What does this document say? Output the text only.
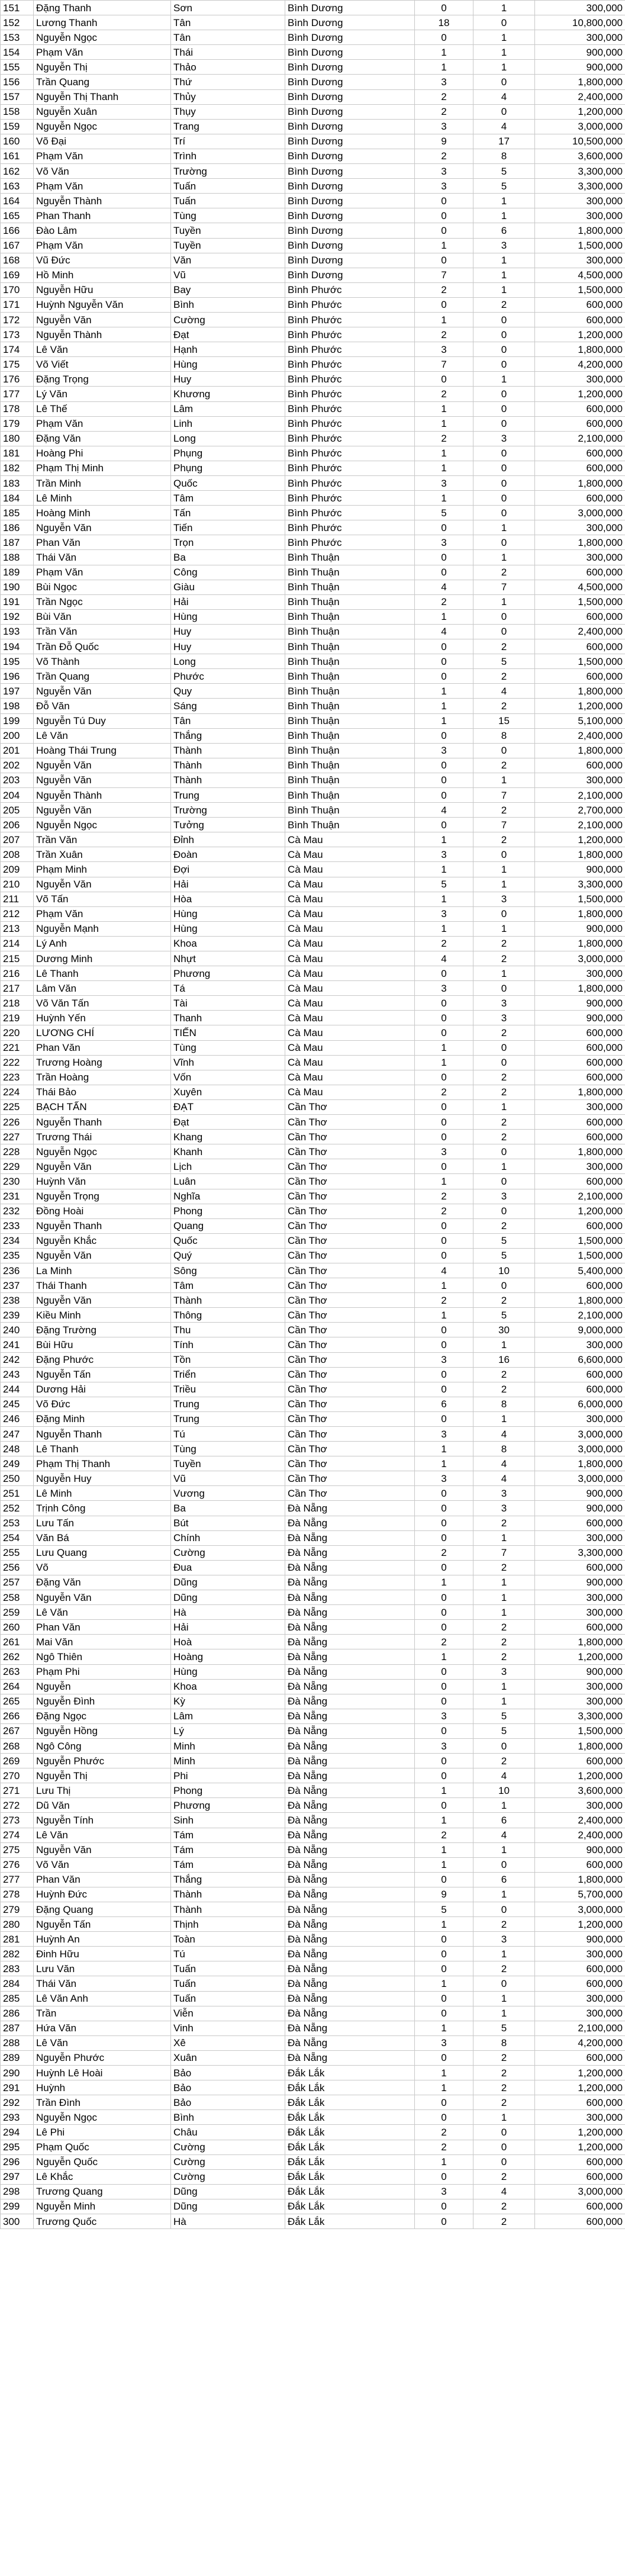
151	Đặng Thanh	Sơn	Bình Dương	0	1	300,000
152	Lương Thanh	Tân	Bình Dương	18	0	10,800,000
153	Nguyễn Ngọc	Tân	Bình Dương	0	1	300,000
154	Phạm Văn	Thái	Bình Dương	1	1	900,000
155	Nguyễn Thị	Thảo	Bình Dương	1	1	900,000
156	Trần Quang	Thứ	Bình Dương	3	0	1,800,000
157	Nguyễn Thị Thanh	Thủy	Bình Dương	2	4	2,400,000
158	Nguyễn Xuân	Thụy	Bình Dương	2	0	1,200,000
159	Nguyễn Ngọc	Trang	Bình Dương	3	4	3,000,000
160	Võ Đại	Trí	Bình Dương	9	17	10,500,000
161	Phạm Văn	Trình	Bình Dương	2	8	3,600,000
162	Võ Văn	Trường	Bình Dương	3	5	3,300,000
163	Phạm Văn	Tuấn	Bình Dương	3	5	3,300,000
164	Nguyễn Thành	Tuấn	Bình Dương	0	1	300,000
165	Phan Thanh	Tùng	Bình Dương	0	1	300,000
166	Đào Lâm	Tuyền	Bình Dương	0	6	1,800,000
167	Phạm Văn	Tuyền	Bình Dương	1	3	1,500,000
168	Vũ Đức	Văn	Bình Dương	0	1	300,000
169	Hồ Minh	Vũ	Bình Dương	7	1	4,500,000
170	Nguyễn Hữu	Bay	Bình Phước	2	1	1,500,000
171	Huỳnh Nguyễn Văn	Bình	Bình Phước	0	2	600,000
172	Nguyễn Văn	Cường	Bình Phước	1	0	600,000
173	Nguyễn Thành	Đạt	Bình Phước	2	0	1,200,000
174	Lê Văn	Hạnh	Bình Phước	3	0	1,800,000
175	Võ Viết	Hùng	Bình Phước	7	0	4,200,000
176	Đặng Trọng	Huy	Bình Phước	0	1	300,000
177	Lý Văn	Khương	Bình Phước	2	0	1,200,000
178	Lê Thế	Lâm	Bình Phước	1	0	600,000
179	Phạm Văn	Linh	Bình Phước	1	0	600,000
180	Đặng Văn	Long	Bình Phước	2	3	2,100,000
181	Hoàng Phi	Phụng	Bình Phước	1	0	600,000
182	Phạm Thị Minh	Phụng	Bình Phước	1	0	600,000
183	Trần Minh	Quốc	Bình Phước	3	0	1,800,000
184	Lê Minh	Tâm	Bình Phước	1	0	600,000
185	Hoàng Minh	Tấn	Bình Phước	5	0	3,000,000
186	Nguyễn Văn	Tiến	Bình Phước	0	1	300,000
187	Phan Văn	Trọn	Bình Phước	3	0	1,800,000
188	Thái Văn	Ba	Bình Thuận	0	1	300,000
189	Phạm Văn	Công	Bình Thuận	0	2	600,000
190	Bùi Ngọc	Giàu	Bình Thuận	4	7	4,500,000
191	Trần Ngọc	Hải	Bình Thuận	2	1	1,500,000
192	Bùi Văn	Hùng	Bình Thuận	1	0	600,000
193	Trần Văn	Huy	Bình Thuận	4	0	2,400,000
194	Trần Đỗ Quốc	Huy	Bình Thuận	0	2	600,000
195	Võ Thành	Long	Bình Thuận	0	5	1,500,000
196	Trần Quang	Phước	Bình Thuận	0	2	600,000
197	Nguyễn Văn	Quy	Bình Thuận	1	4	1,800,000
198	Đỗ Văn	Sáng	Bình Thuận	1	2	1,200,000
199	Nguyễn Tú Duy	Tân	Bình Thuận	1	15	5,100,000
200	Lê Văn	Thắng	Bình Thuận	0	8	2,400,000
201	Hoàng Thái Trung	Thành	Bình Thuận	3	0	1,800,000
202	Nguyễn Văn	Thành	Bình Thuận	0	2	600,000
203	Nguyễn Văn	Thành	Bình Thuận	0	1	300,000
204	Nguyễn Thành	Trung	Bình Thuận	0	7	2,100,000
205	Nguyễn Văn	Trường	Bình Thuận	4	2	2,700,000
206	Nguyễn Ngọc	Tưởng	Bình Thuận	0	7	2,100,000
207	Trần Văn	Đỉnh	Cà Mau	1	2	1,200,000
208	Trần Xuân	Đoàn	Cà Mau	3	0	1,800,000
209	Phạm Minh	Đợi	Cà Mau	1	1	900,000
210	Nguyễn Văn	Hải	Cà Mau	5	1	3,300,000
211	Võ Tấn	Hòa	Cà Mau	1	3	1,500,000
212	Phạm Văn	Hùng	Cà Mau	3	0	1,800,000
213	Nguyễn Mạnh	Hùng	Cà Mau	1	1	900,000
214	Lý Anh	Khoa	Cà Mau	2	2	1,800,000
215	Dương Minh	Nhựt	Cà Mau	4	2	3,000,000
216	Lê Thanh	Phương	Cà Mau	0	1	300,000
217	Lâm Văn	Tá	Cà Mau	3	0	1,800,000
218	Võ Văn Tấn	Tài	Cà Mau	0	3	900,000
219	Huỳnh Yến	Thanh	Cà Mau	0	3	900,000
220	LƯƠNG CHÍ	TIẾN	Cà Mau	0	2	600,000
221	Phan Văn	Tùng	Cà Mau	1	0	600,000
222	Trương Hoàng	Vĩnh	Cà Mau	1	0	600,000
223	Trần Hoàng	Vốn	Cà Mau	0	2	600,000
224	Thái Bảo	Xuyên	Cà Mau	2	2	1,800,000
225	BẠCH TẤN	ĐẠT	Cần Thơ	0	1	300,000
226	Nguyễn Thanh	Đạt	Cần Thơ	0	2	600,000
227	Trương Thái	Khang	Cần Thơ	0	2	600,000
228	Nguyễn Ngọc	Khanh	Cần Thơ	3	0	1,800,000
229	Nguyễn Văn	Lịch	Cần Thơ	0	1	300,000
230	Huỳnh Văn	Luân	Cần Thơ	1	0	600,000
231	Nguyễn Trọng	Nghĩa	Cần Thơ	2	3	2,100,000
232	Đồng Hoài	Phong	Cần Thơ	2	0	1,200,000
233	Nguyễn Thanh	Quang	Cần Thơ	0	2	600,000
234	Nguyễn Khắc	Quốc	Cần Thơ	0	5	1,500,000
235	Nguyễn Văn	Quý	Cần Thơ	0	5	1,500,000
236	La Minh	Sông	Cần Thơ	4	10	5,400,000
237	Thái Thanh	Tâm	Cần Thơ	1	0	600,000
238	Nguyễn Văn	Thành	Cần Thơ	2	2	1,800,000
239	Kiều Minh	Thông	Cần Thơ	1	5	2,100,000
240	Đặng Trường	Thu	Cần Thơ	0	30	9,000,000
241	Bùi Hữu	Tính	Cần Thơ	0	1	300,000
242	Đặng Phước	Tồn	Cần Thơ	3	16	6,600,000
243	Nguyễn Tấn	Triển	Cần Thơ	0	2	600,000
244	Dương Hải	Triều	Cần Thơ	0	2	600,000
245	Võ Đức	Trung	Cần Thơ	6	8	6,000,000
246	Đặng Minh	Trung	Cần Thơ	0	1	300,000
247	Nguyễn Thanh	Tú	Cần Thơ	3	4	3,000,000
248	Lê Thanh	Tùng	Cần Thơ	1	8	3,000,000
249	Phạm Thị Thanh	Tuyền	Cần Thơ	1	4	1,800,000
250	Nguyễn Huy	Vũ	Cần Thơ	3	4	3,000,000
251	Lê Minh	Vương	Cần Thơ	0	3	900,000
252	Trịnh Công	Ba	Đà Nẵng	0	3	900,000
253	Lưu Tấn	Bút	Đà Nẵng	0	2	600,000
254	Văn Bá	Chính	Đà Nẵng	0	1	300,000
255	Lưu Quang	Cường	Đà Nẵng	2	7	3,300,000
256	Võ	Đua	Đà Nẵng	0	2	600,000
257	Đặng Văn	Dũng	Đà Nẵng	1	1	900,000
258	Nguyễn Văn	Dũng	Đà Nẵng	0	1	300,000
259	Lê Văn	Hà	Đà Nẵng	0	1	300,000
260	Phan Văn	Hải	Đà Nẵng	0	2	600,000
261	Mai Văn	Hoà	Đà Nẵng	2	2	1,800,000
262	Ngô Thiên	Hoàng	Đà Nẵng	1	2	1,200,000
263	Phạm Phi	Hùng	Đà Nẵng	0	3	900,000
264	Nguyễn	Khoa	Đà Nẵng	0	1	300,000
265	Nguyễn Đình	Kỳ	Đà Nẵng	0	1	300,000
266	Đặng Ngọc	Lâm	Đà Nẵng	3	5	3,300,000
267	Nguyễn Hồng	Lý	Đà Nẵng	0	5	1,500,000
268	Ngô Công	Minh	Đà Nẵng	3	0	1,800,000
269	Nguyễn Phước	Minh	Đà Nẵng	0	2	600,000
270	Nguyễn Thị	Phi	Đà Nẵng	0	4	1,200,000
271	Lưu Thị	Phong	Đà Nẵng	1	10	3,600,000
272	Dũ Văn	Phương	Đà Nẵng	0	1	300,000
273	Nguyễn Tính	Sinh	Đà Nẵng	1	6	2,400,000
274	Lê Văn	Tám	Đà Nẵng	2	4	2,400,000
275	Nguyễn Văn	Tám	Đà Nẵng	1	1	900,000
276	Võ Văn	Tám	Đà Nẵng	1	0	600,000
277	Phan Văn	Thắng	Đà Nẵng	0	6	1,800,000
278	Huỳnh Đức	Thành	Đà Nẵng	9	1	5,700,000
279	Đặng Quang	Thành	Đà Nẵng	5	0	3,000,000
280	Nguyễn Tấn	Thịnh	Đà Nẵng	1	2	1,200,000
281	Huỳnh An	Toàn	Đà Nẵng	0	3	900,000
282	Đinh Hữu	Tú	Đà Nẵng	0	1	300,000
283	Lưu Văn	Tuấn	Đà Nẵng	0	2	600,000
284	Thái Văn	Tuấn	Đà Nẵng	1	0	600,000
285	Lê Văn Anh	Tuấn	Đà Nẵng	0	1	300,000
286	Trần	Viễn	Đà Nẵng	0	1	300,000
287	Hứa Văn	Vinh	Đà Nẵng	1	5	2,100,000
288	Lê Văn	Xê	Đà Nẵng	3	8	4,200,000
289	Nguyễn Phước	Xuân	Đà Nẵng	0	2	600,000
290	Huỳnh Lê Hoài	Bảo	Đắk Lắk	1	2	1,200,000
291	Huỳnh	Bảo	Đắk Lắk	1	2	1,200,000
292	Trần Đình	Bảo	Đắk Lắk	0	2	600,000
293	Nguyễn Ngọc	Bình	Đắk Lắk	0	1	300,000
294	Lê Phi	Châu	Đắk Lắk	2	0	1,200,000
295	Phạm Quốc	Cường	Đắk Lắk	2	0	1,200,000
296	Nguyễn Quốc	Cường	Đắk Lắk	1	0	600,000
297	Lê Khắc	Cường	Đắk Lắk	0	2	600,000
298	Trương Quang	Dũng	Đắk Lắk	3	4	3,000,000
299	Nguyễn Minh	Dũng	Đắk Lắk	0	2	600,000
300	Trương Quốc	Hà	Đắk Lắk	0	2	600,000
